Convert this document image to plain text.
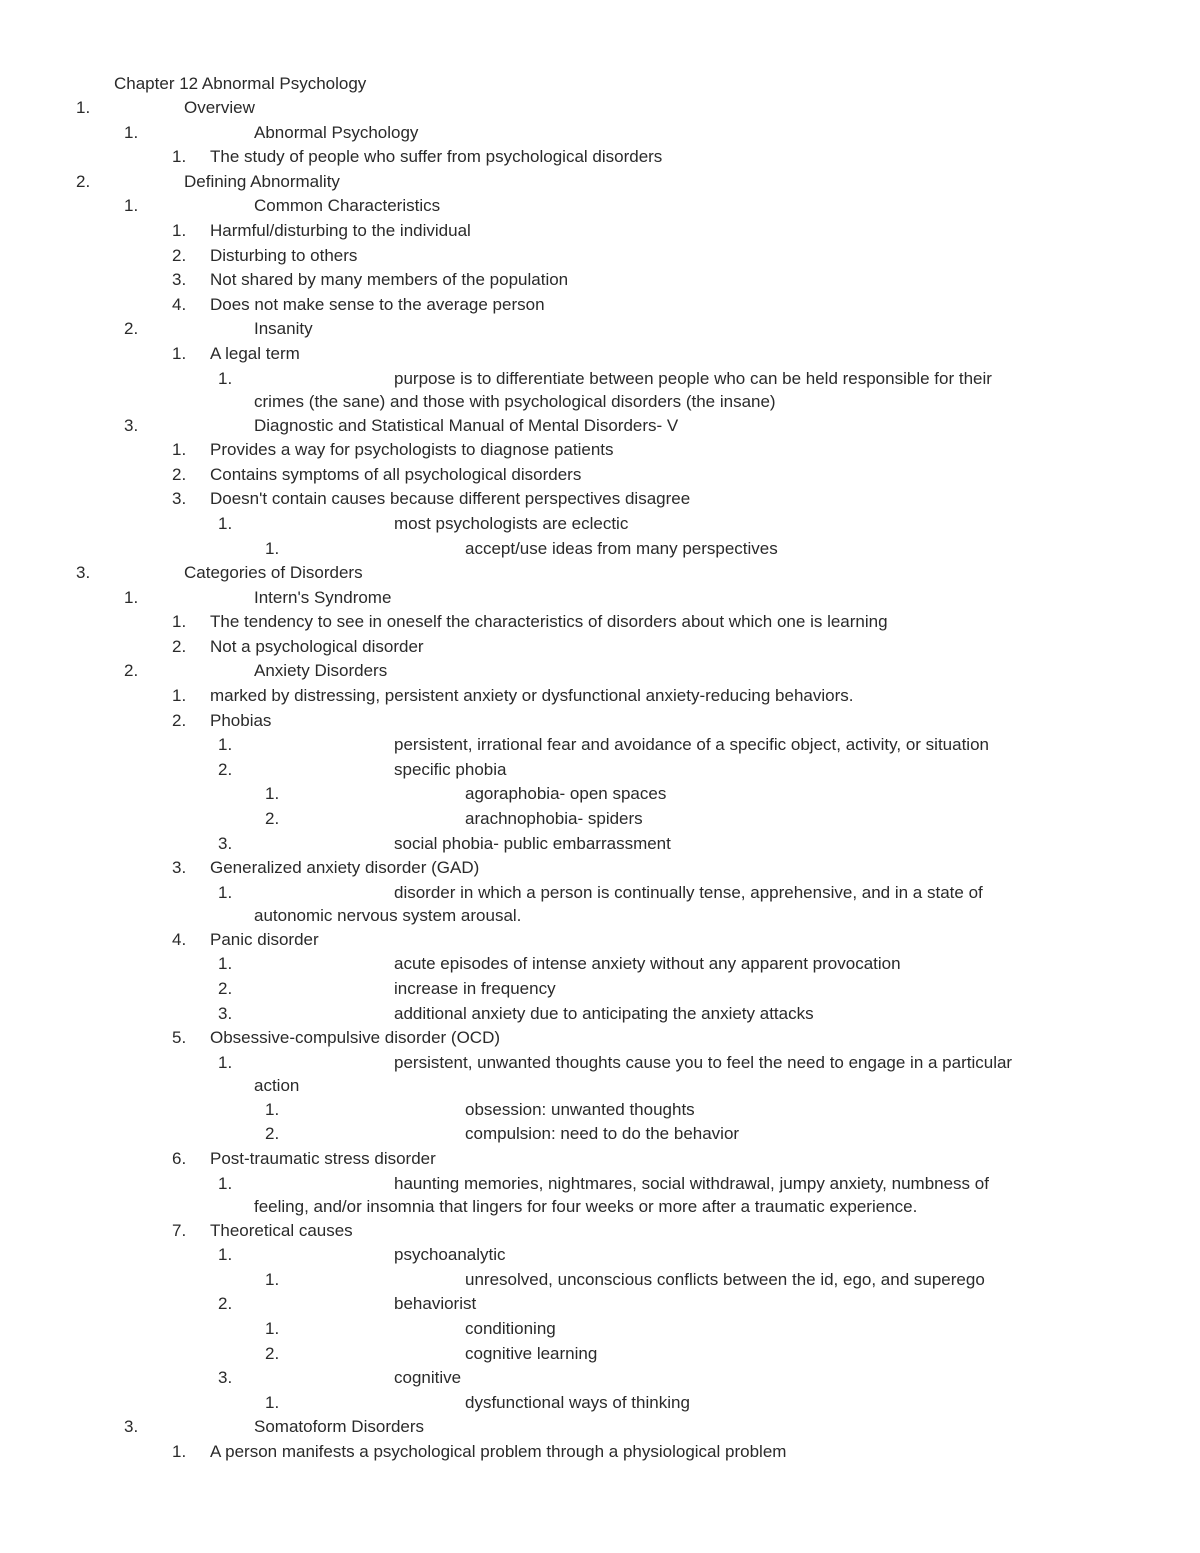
Chapter 12 Abnormal Psychology
1.	Overview
1.	Abnormal Psychology
1. The study of people who suffer from psychological disorders
2.	Defining Abnormality
1.	Common Characteristics
1. Harmful/disturbing to the individual
2. Disturbing to others
3. Not shared by many members of the population
4. Does not make sense to the average person
2.	Insanity
1. A legal term
1.	purpose is to differentiate between people who can be held responsible for their
crimes (the sane) and those with psychological disorders (the insane)
3.	Diagnostic and Statistical Manual of Mental Disorders- V
1. Provides a way for psychologists to diagnose patients
2. Contains symptoms of all psychological disorders
3. Doesn't contain causes because different perspectives disagree
1.	most psychologists are eclectic
1.	accept/use ideas from many perspectives
3.	Categories of Disorders
1.	Intern's Syndrome
1. The tendency to see in oneself the characteristics of disorders about which one is learning
2. Not a psychological disorder
2.	Anxiety Disorders
1. marked by distressing, persistent anxiety or dysfunctional anxiety-reducing behaviors.
2. Phobias
1.	persistent, irrational fear and avoidance of a specific object, activity, or situation
2.	specific phobia
1.	agoraphobia- open spaces
2.	arachnophobia- spiders
3.	social phobia- public embarrassment
3. Generalized anxiety disorder (GAD)
1.	disorder in which a person is continually tense, apprehensive, and in a state of
autonomic nervous system arousal.
4. Panic disorder
1.	acute episodes of intense anxiety without any apparent provocation
2.	increase in frequency
3.	additional anxiety due to anticipating the anxiety attacks
5. Obsessive-compulsive disorder (OCD)
1.	persistent, unwanted thoughts cause you to feel the need to engage in a particular
action
1.	obsession: unwanted thoughts
2.	compulsion: need to do the behavior
6. Post-traumatic stress disorder
1.	haunting memories, nightmares, social withdrawal, jumpy anxiety, numbness of
feeling, and/or insomnia that lingers for four weeks or more after a traumatic experience.
7. Theoretical causes
1.	psychoanalytic
1.	unresolved, unconscious conflicts between the id, ego, and superego
2.	behaviorist
1.	conditioning
2.	cognitive learning
3.	cognitive
1.	dysfunctional ways of thinking
3.	Somatoform Disorders
1. A person manifests a psychological problem through a physiological problem
